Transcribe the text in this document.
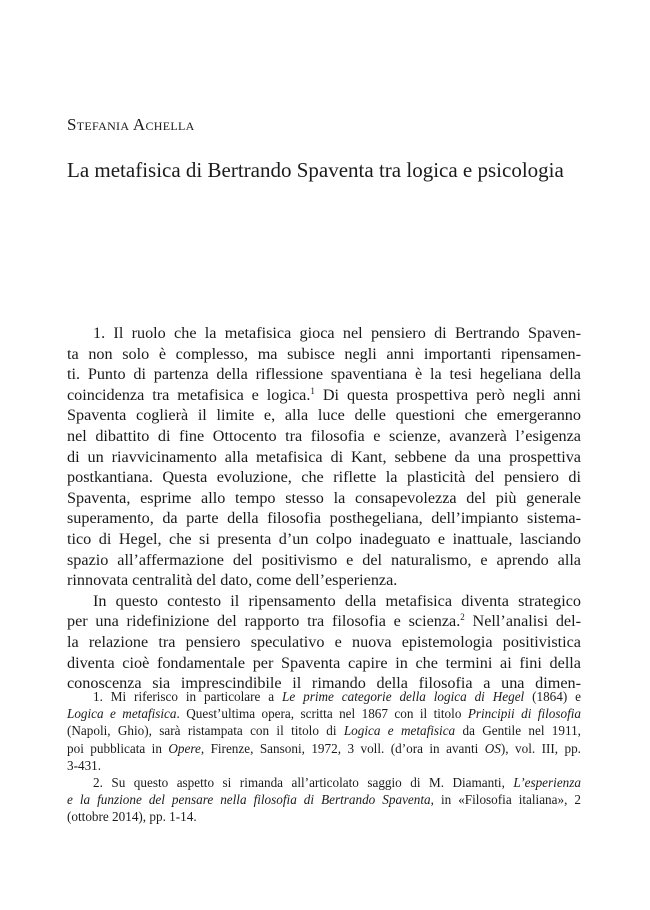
Stefania Achella
La metafisica di Bertrando Spaventa tra logica e psicologia
1. Il ruolo che la metafisica gioca nel pensiero di Bertrando Spaven-
ta non solo è complesso, ma subisce negli anni importanti ripensamen-
ti. Punto di partenza della riflessione spaventiana è la tesi hegeliana della
coincidenza tra metafisica e logica.$^1$ Di questa prospettiva però negli anni
Spaventa coglierà il limite e, alla luce delle questioni che emergeranno
nel dibattito di fine Ottocento tra filosofia e scienze, avanzerà l’esigenza
di un riavvicinamento alla metafisica di Kant, sebbene da una prospettiva
postkantiana. Questa evoluzione, che riflette la plasticità del pensiero di
Spaventa, esprime allo tempo stesso la consapevolezza del più generale
superamento, da parte della filosofia posthegeliana, dell’impianto sistema-
tico di Hegel, che si presenta d’un colpo inadeguato e inattuale, lasciando
spazio all’affermazione del positivismo e del naturalismo, e aprendo alla
rinnovata centralità del dato, come dell’esperienza.
In questo contesto il ripensamento della metafisica diventa strategico
per una ridefinizione del rapporto tra filosofia e scienza.$^2$ Nell’analisi del-
la relazione tra pensiero speculativo e nuova epistemologia positivistica
diventa cioè fondamentale per Spaventa capire in che termini ai fini della
conoscenza sia imprescindibile il rimando della filosofia a una dimen-
1. Mi riferisco in particolare a Le prime categorie della logica di Hegel (1864) e
Logica e metafisica. Quest’ultima opera, scritta nel 1867 con il titolo Principii di filosofia
(Napoli, Ghio), sarà ristampata con il titolo di Logica e metafisica da Gentile nel 1911,
poi pubblicata in Opere, Firenze, Sansoni, 1972, 3 voll. (d’ora in avanti OS), vol. III, pp.
3-431.
2. Su questo aspetto si rimanda all’articolato saggio di M. Diamanti, L’esperienza
e la funzione del pensare nella filosofia di Bertrando Spaventa, in «Filosofia italiana», 2
(ottobre 2014), pp. 1-14.
